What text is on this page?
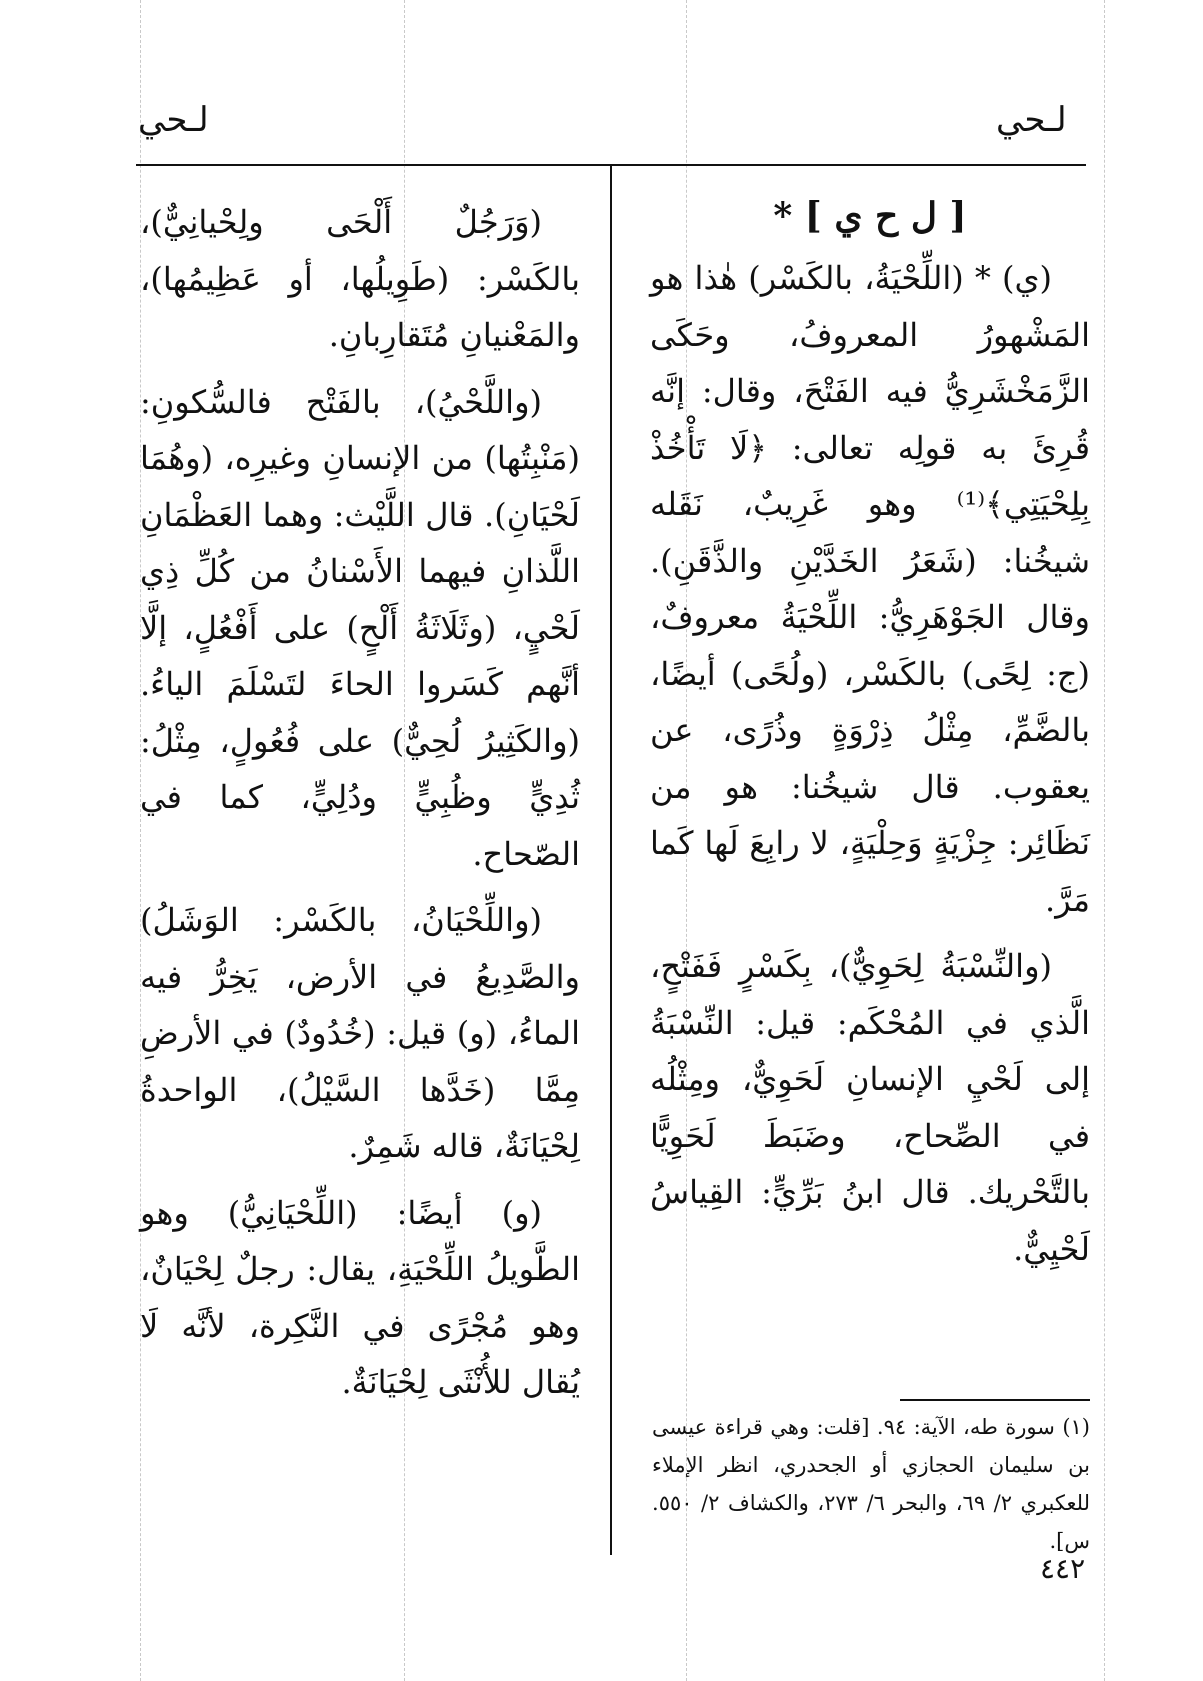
لـحي
لـحي
[ ل ح ي ] *

(ي) * (اللِّحْيَةُ، بالكَسْر) هٰذا هو المَشْهورُ المعروفُ، وحَكَى الزَّمَخْشَرِيُّ فيه الفَتْحَ، وقال: إنَّه قُرِئَ به قولِه تعالى: ﴿لَا تَأْخُذْ بِلِحْيَتِي﴾⁽¹⁾ وهو غَرِيبٌ، نَقَله شيخُنا: (شَعَرُ الخَدَّيْنِ والذَّقَنِ). وقال الجَوْهَرِيُّ: اللِّحْيَةُ معروفٌ، (ج: لِحًى) بالكَسْر، (ولُحًى) أيضًا، بالضَّمِّ، مِثْلُ ذِرْوَةٍ وذُرًى، عن يعقوب. قال شيخُنا: هو من نَظَائِر: جِزْيَةٍ وَحِلْيَةٍ، لا رابِعَ لَها كَما مَرَّ.

(والنِّسْبَةُ لِحَوِيٌّ)، بِكَسْرٍ فَفَتْحٍ، الَّذي في المُحْكَم: قيل: النِّسْبَةُ إلى لَحْيِ الإنسانِ لَحَوِيٌّ، ومِثْلُه في الصِّحاح، وضَبَطَ لَحَوِيًّا بالتَّحْريك. قال ابنُ بَرِّيٍّ: القِياسُ لَحْيِيٌّ.

(وَرَجُلٌ أَلْحَى ولِحْيانِيٌّ)، بالكَسْر: (طَوِيلُها، أو عَظِيمُها)، والمَعْنيانِ مُتَقارِبانِ.

(واللَّحْيُ)، بالفَتْح فالسُّكونِ: (مَنْبِتُها) من الإنسانِ وغيرِه، (وهُمَا لَحْيَانِ). قال اللَّيْث: وهما العَظْمَانِ اللَّذانِ فيهما الأَسْنانُ من كُلِّ ذِي لَحْيٍ، (وثَلَاثَةُ أَلْحٍ) على أَفْعُلٍ، إلَّا أنَّهم كَسَروا الحاءَ لتَسْلَمَ الياءُ. (والكَثِيرُ لُحِيٌّ) على فُعُولٍ، مِثْلُ: ثُدِيٍّ وظُبِيٍّ ودُلِيٍّ، كما في الصّحاح.

(واللِّحْيَانُ، بالكَسْر: الوَشَلُ) والصَّدِيعُ في الأرض، يَخِرُّ فيه الماءُ، (و) قيل: (خُدُودٌ) في الأرضِ مِمَّا (خَدَّها السَّيْلُ)، الواحدةُ لِحْيَانَةٌ، قاله شَمِرٌ.

(و) أيضًا: (اللِّحْيَانِيُّ) وهو الطَّويلُ اللِّحْيَةِ، يقال: رجلٌ لِحْيَانٌ، وهو مُجْرًى في النَّكِرة، لأنَّه لَا يُقال للأُنْثَى لِحْيَانَةٌ.

(١) سورة طه، الآية: ٩٤. [قلت: وهي قراءة عيسى بن سليمان الحجازي أو الجحدري، انظر الإملاء للعكبري ٢/ ٦٩، والبحر ٦/ ٢٧٣، والكشاف ٢/ ٥٥٠. س].
٤٤٢
